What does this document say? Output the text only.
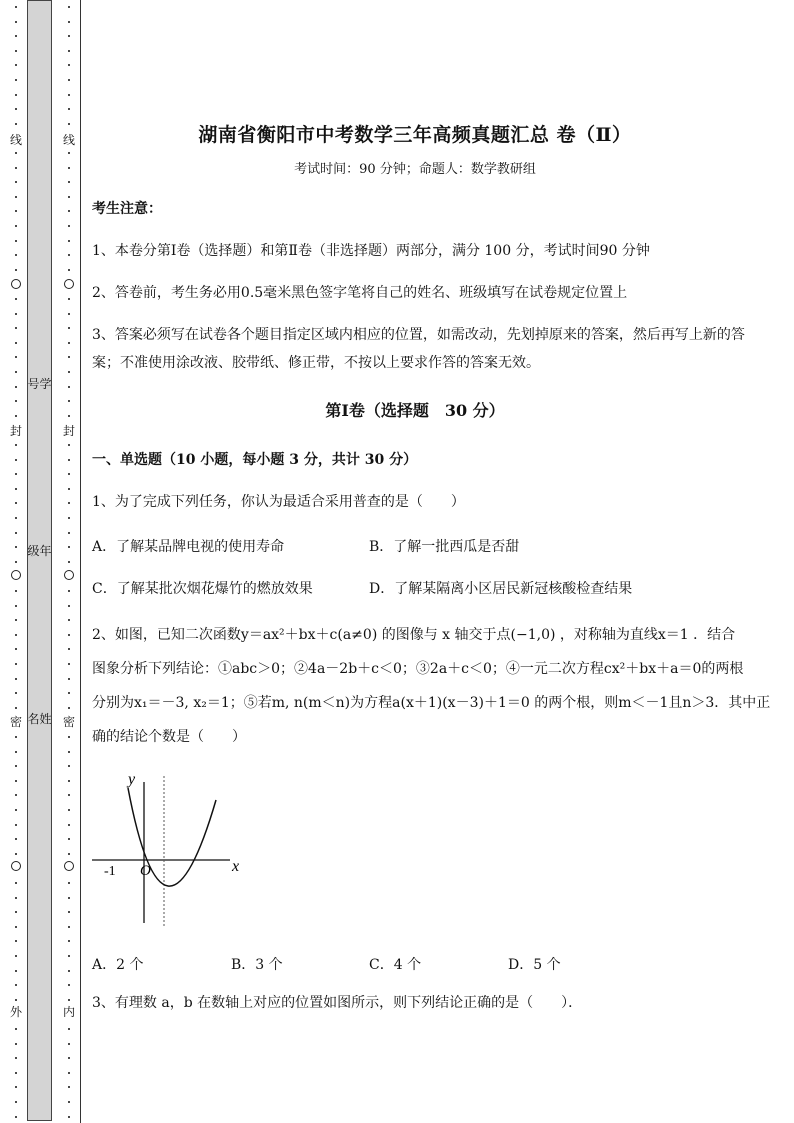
线
封
密
外
线
封
密
内
号学
级年
名姓
湖南省衡阳市中考数学三年高频真题汇总 卷（Ⅱ）
考试时间：90 分钟；命题人：数学教研组
考生注意：
1、本卷分第Ⅰ卷（选择题）和第Ⅱ卷（非选择题）两部分，满分 100 分，考试时间90 分钟
2、答卷前，考生务必用0.5毫米黑色签字笔将自己的姓名、班级填写在试卷规定位置上
3、答案必须写在试卷各个题目指定区域内相应的位置，如需改动，先划掉原来的答案，然后再写上新的答案；不准使用涂改液、胶带纸、修正带，不按以上要求作答的答案无效。
第Ⅰ卷（选择题　30 分）
一、单选题（10 小题，每小题 3 分，共计 30 分）
1、为了完成下列任务，你认为最适合采用普查的是（　　）
A．了解某品牌电视的使用寿命	B．了解一批西瓜是否甜
C．了解某批次烟花爆竹的燃放效果	D．了解某隔离小区居民新冠核酸检查结果
2、如图，已知二次函数y＝ax²＋bx＋c(a≠0) 的图像与 x 轴交于点(−1,0) ，对称轴为直线x＝1 ．结合
图象分析下列结论：①abc＞0；②4a－2b＋c＜0；③2a＋c＜0；④一元二次方程cx²＋bx＋a＝0的两根
分别为x₁＝－3, x₂＝1；⑤若m, n(m＜n)为方程a(x＋1)(x－3)＋1＝0 的两个根，则m＜－1且n＞3．其中正
确的结论个数是（　　）
y
x
O
-1
A．2 个	B．3 个	C．4 个	D．5 个
3、有理数 a，b 在数轴上对应的位置如图所示，则下列结论正确的是（　　）．
